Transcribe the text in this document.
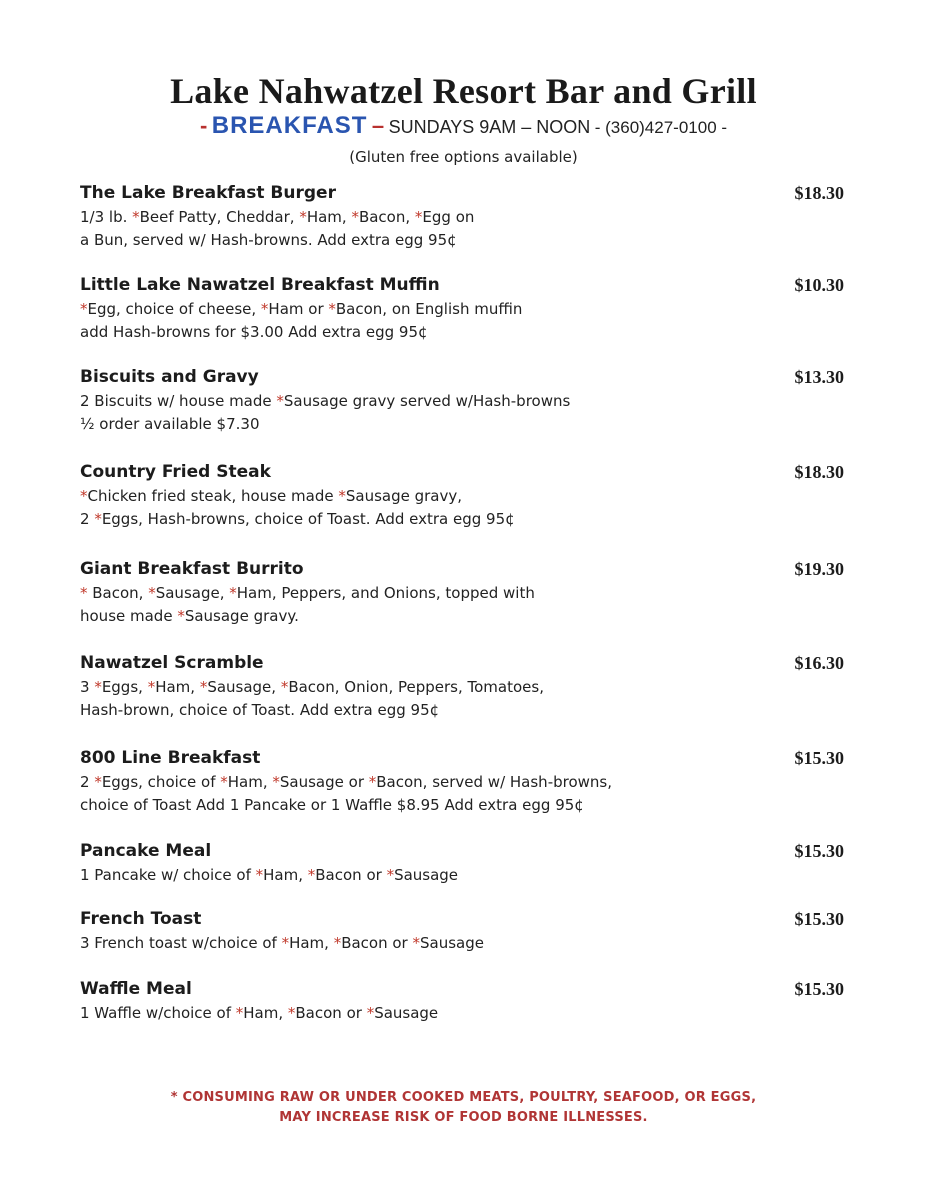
Lake Nahwatzel Resort Bar and Grill
- BREAKFAST – SUNDAYS 9AM – NOON - (360)427-0100 -
(Gluten free options available)
The Lake Breakfast Burger	$18.30
1/3 lb. *Beef Patty, Cheddar, *Ham, *Bacon, *Egg on
a Bun, served w/ Hash-browns. Add extra egg 95¢
Little Lake Nawatzel Breakfast Muffin	$10.30
*Egg, choice of cheese, *Ham or *Bacon, on English muffin
add Hash-browns for $3.00 Add extra egg 95¢
Biscuits and Gravy	$13.30
2 Biscuits w/ house made *Sausage gravy served w/Hash-browns
½ order available $7.30
Country Fried Steak	$18.30
*Chicken fried steak, house made *Sausage gravy,
2 *Eggs, Hash-browns, choice of Toast. Add extra egg 95¢
Giant Breakfast Burrito	$19.30
* Bacon, *Sausage, *Ham, Peppers, and Onions, topped with
house made *Sausage gravy.
Nawatzel Scramble	$16.30
3 *Eggs, *Ham, *Sausage, *Bacon, Onion, Peppers, Tomatoes,
Hash-brown, choice of Toast. Add extra egg 95¢
800 Line Breakfast	$15.30
2 *Eggs, choice of *Ham, *Sausage or *Bacon, served w/ Hash-browns,
choice of Toast Add 1 Pancake or 1 Waffle $8.95 Add extra egg 95¢
Pancake Meal	$15.30
1 Pancake w/ choice of *Ham, *Bacon or *Sausage
French Toast	$15.30
3 French toast w/choice of *Ham, *Bacon or *Sausage
Waffle Meal	$15.30
1 Waffle w/choice of *Ham, *Bacon or *Sausage
* CONSUMING RAW OR UNDER COOKED MEATS, POULTRY, SEAFOOD, OR EGGS,
MAY INCREASE RISK OF FOOD BORNE ILLNESSES.
